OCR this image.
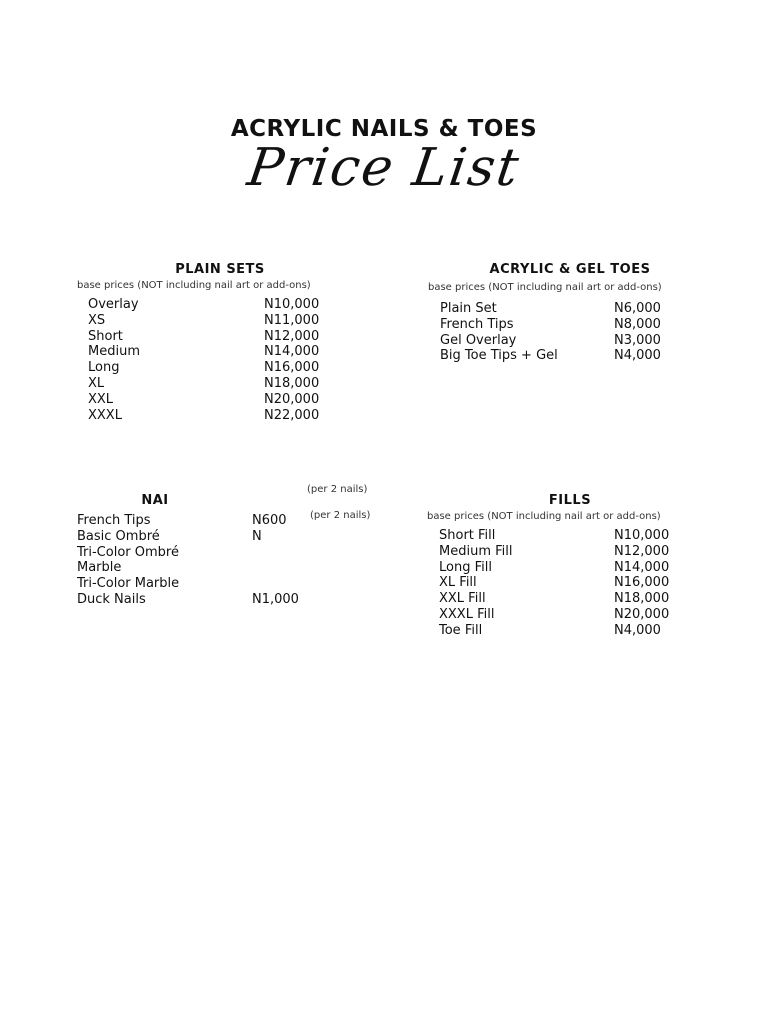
ACRYLIC NAILS & TOES
Price List
PLAIN SETS
base prices (NOT including nail art or add-ons)
Overlay	N10,000
XS	N11,000
Short	N12,000
Medium	N14,000
Long	N16,000
XL	N18,000
XXL	N20,000
XXXL	N22,000
ACRYLIC & GEL TOES
base prices (NOT including nail art or add-ons)
Plain Set	N6,000
French Tips	N8,000
Gel Overlay	N3,000
Big Toe Tips + Gel	N4,000
NAI
(per 2 nails)
(per 2 nails)
French Tips	N600
Basic Ombré	N
Tri-Color Ombré
Marble
Tri-Color Marble
Duck Nails	N1,000
FILLS
base prices (NOT including nail art or add-ons)
Short Fill	N10,000
Medium Fill	N12,000
Long Fill	N14,000
XL Fill	N16,000
XXL Fill	N18,000
XXXL Fill	N20,000
Toe Fill	N4,000
